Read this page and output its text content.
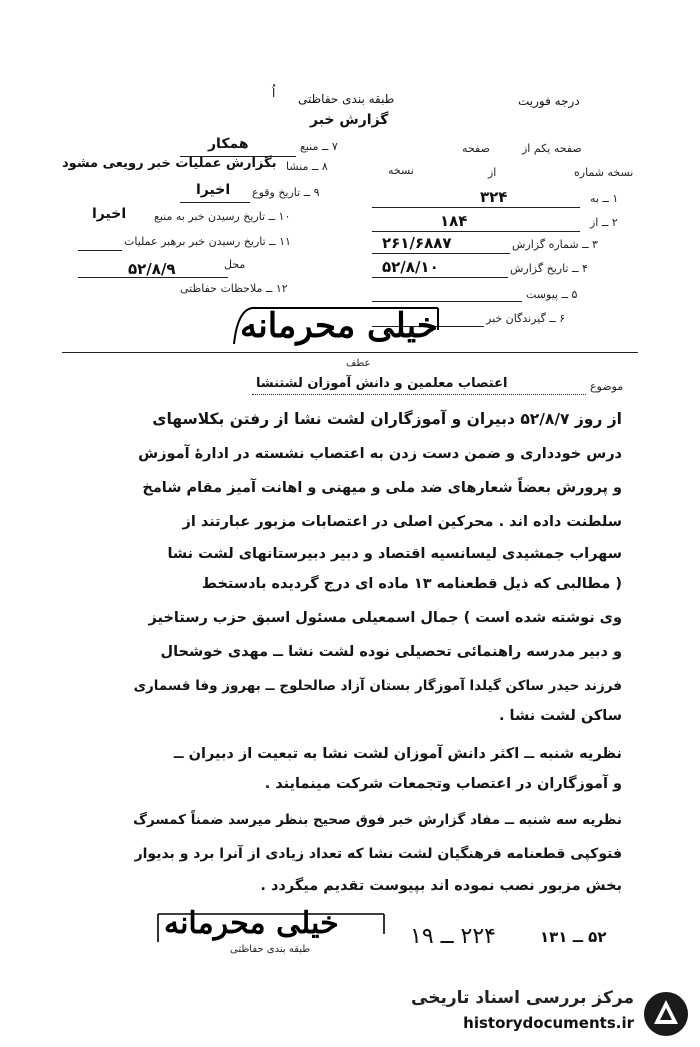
درجه فوریت
طبقه بندی حفاظتی
اُ
گزارش خبر
صفحه یکم از
صفحه
نسخه شماره
از
نسخه
۱ ــ به
۳۲۴
۲ ــ از
۱۸۴
۳ ــ شماره گزارش
۲۶۱/۶۸۸۷
۴ ــ تاریخ گزارش
۵۲/۸/۱۰
۵ ــ پیوست
۶ ــ گیرندگان خبر
۷ ــ منبع
همکار
۸ ــ منشا
بگزارش عملیات خبر رویعی مشود
۹ ــ تاریخ وقوع
اخیرا
۱۰ ــ تاریخ رسیدن خبر به منبع
اخیرا
۱۱ ــ تاریخ رسیدن خبر برهبر عملیات
محل
۵۲/۸/۹
۱۲ ــ ملاحظات حفاظتی
خیلی محرمانه
عطف
موضوع
اعتصاب معلمین و دانش آموزان لشتنشا
از روز ۵۲/۸/۷ دبیران و آموزگاران لشت نشا از رفتن بکلاسهای
درس خودداری و ضمن دست زدن به اعتصاب نشسته در ادارهٔ آموزش
و پرورش بعضاً شعارهای ضد ملی و میهنی و اهانت آمیز مقام شامخ
سلطنت داده اند . محرکین اصلی در اعتصابات مزبور عبارتند از
سهراب جمشیدی لیسانسیه اقتصاد و دبیر دبیرستانهای لشت نشا
( مطالبی که ذیل قطعنامه ۱۳ ماده ای درج گردیده بادستخط
وی نوشته شده است ) جمال اسمعیلی مسئول اسبق حزب رستاخیز
و دبیر مدرسه راهنمائی تحصیلی نوده لشت نشا ــ مهدی خوشحال
فرزند حیدر ساکن گیلدا آموزگار بستان آزاد صالحلوج ــ بهروز وفا قسماری
ساکن لشت نشا .
نظریه شنبه ــ اکثر دانش آموزان لشت نشا به تبعیت از دبیران ــ
و آموزگاران در اعتصاب وتجمعات شرکت مینمایند .
نظریه سه شنبه ــ مفاد گزارش خبر فوق صحیح بنظر میرسد ضمناً کمسرگ
فتوکپی قطعنامه فرهنگیان لشت نشا که تعداد زیادی از آنرا برد و بدیوار
بخش مزبور نصب نموده اند بپیوست تقدیم میگردد .
خیلی محرمانه
طبقه بندی حفاظتی
۲۲۴ ــ ۱۹	۵۲ ــ ۱۳۱
مرکز بررسی اسناد تاریخی
historydocuments.ir
